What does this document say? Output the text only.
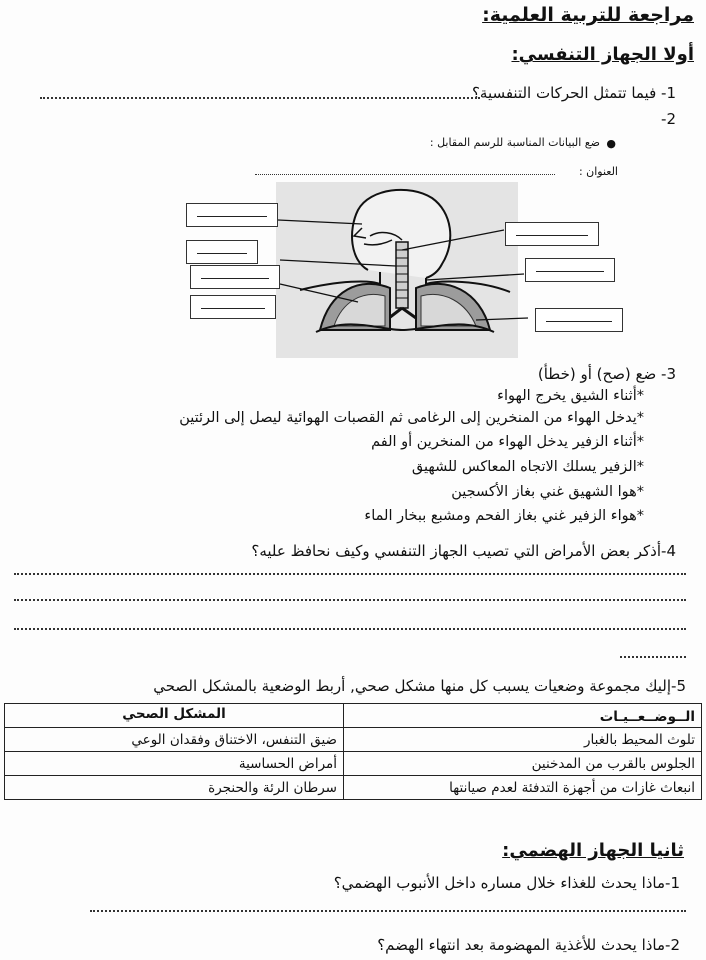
مراجعة للتربية العلمية:
أولا الجهاز التنفسي:
1- فيما تتمثل الحركات التنفسية؟
2-
●
ضع البيانات المناسبة للرسم المقابل :
العنوان :
3- ضع (صح) أو (خطأ)
*أثناء الشيق يخرج الهواء
*يدخل الهواء من المنخرين إلى الرغامى ثم القصبات الهوائية ليصل إلى الرئتين
*أثناء الزفير يدخل الهواء من المنخرين أو الفم
*الزفير يسلك الاتجاه المعاكس للشهيق
*هوا الشهيق غني بغاز الأكسجين
*هواء الزفير غني بغاز الفحم ومشبع ببخار الماء
4-أذكر بعض الأمراض التي تصيب الجهاز التنفسي وكيف نحافظ عليه؟
5-إليك مجموعة وضعيات يسبب كل منها مشكل صحي, أربط الوضعية بالمشكل الصحي
الــوضــعــيـات	المشكل الصحي
تلوث المحيط بالغبار	ضيق التنفس، الاختناق وفقدان الوعي
الجلوس بالقرب من المدخنين	أمراض الحساسية
انبعاث غازات من أجهزة التدفئة لعدم صيانتها	سرطان الرئة والحنجرة
ثانيا الجهاز الهضمي:
1-ماذا يحدث للغذاء خلال مساره داخل الأنبوب الهضمي؟
2-ماذا يحدث للأغذية المهضومة بعد انتهاء الهضم؟
